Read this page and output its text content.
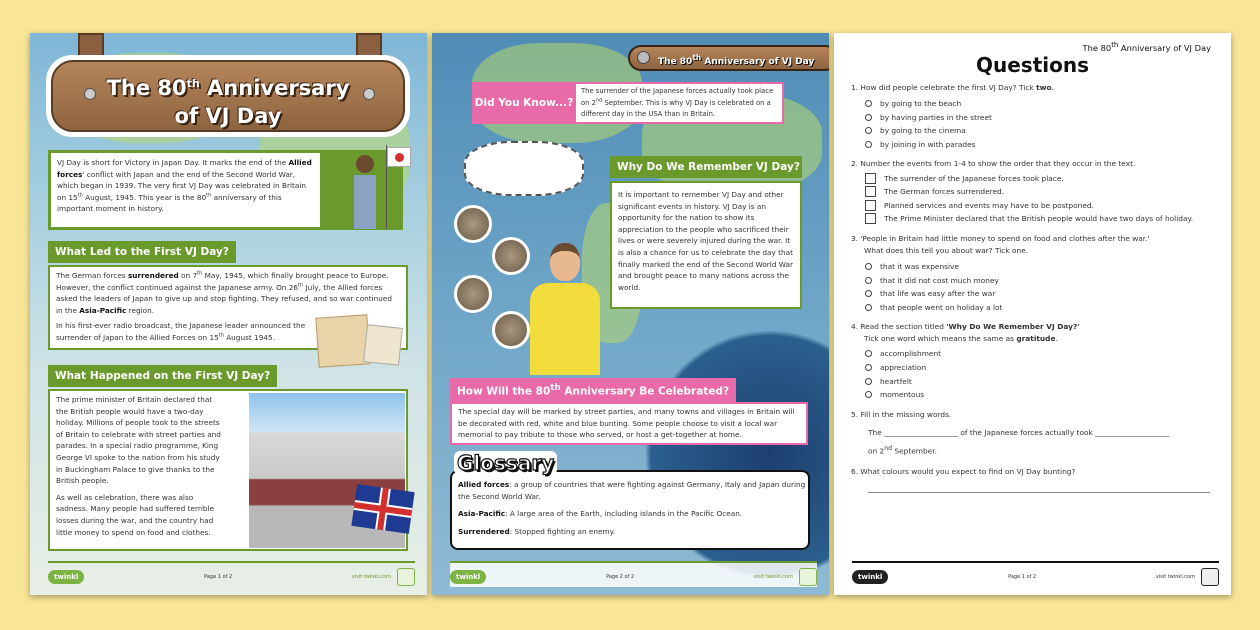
The 80th Anniversary
of VJ Day
VJ Day is short for Victory in Japan Day. It marks the end of the Allied forces' conflict with Japan and the end of the Second World War, which began in 1939. The very first VJ Day was celebrated in Britain on 15th August, 1945. This year is the 80th anniversary of this important moment in history.
What Led to the First VJ Day?
The German forces surrendered on 7th May, 1945, which finally brought peace to Europe. However, the conflict continued against the Japanese army. On 26th July, the Allied forces asked the leaders of Japan to give up and stop fighting. They refused, and so war continued in the Asia-Pacific region.
In his first-ever radio broadcast, the Japanese leader announced the surrender of Japan to the Allied Forces on 15th August 1945.
What Happened on the First VJ Day?
The prime minister of Britain declared that the British people would have a two-day holiday. Millions of people took to the streets of Britain to celebrate with street parties and parades. In a special radio programme, King George VI spoke to the nation from his study in Buckingham Palace to give thanks to the British people.
As well as celebration, there was also sadness. Many people had suffered terrible losses during the war, and the country had little money to spend on food and clothes.
twinkl	Page 1 of 2	visit twinkl.com
The 80th Anniversary of VJ Day
Did You Know...?
The surrender of the Japanese forces actually took place on 2nd September. This is why VJ Day is celebrated on a different day in the USA than in Britain.
Why Do We Remember VJ Day?
It is important to remember VJ Day and other significant events in history. VJ Day is an opportunity for the nation to show its appreciation to the people who sacrificed their lives or were severely injured during the war. It is also a chance for us to celebrate the day that finally marked the end of the Second World War and brought peace to many nations across the world.
How Will the 80th Anniversary Be Celebrated?
The special day will be marked by street parties, and many towns and villages in Britain will be decorated with red, white and blue bunting. Some people choose to visit a local war memorial to pay tribute to those who served, or host a get-together at home.
Glossary
Allied forces: a group of countries that were fighting against Germany, Italy and Japan during the Second World War.
Asia-Pacific: A large area of the Earth, including islands in the Pacific Ocean.
Surrendered: Stopped fighting an enemy.
twinkl	Page 2 of 2	visit twinkl.com
The 80th Anniversary of VJ Day
Questions
1. How did people celebrate the first VJ Day? Tick two.
by going to the beach
by having parties in the street
by going to the cinema
by joining in with parades
2. Number the events from 1-4 to show the order that they occur in the text.
The surrender of the Japanese forces took place.
The German forces surrendered.
Planned services and events may have to be postponed.
The Prime Minister declared that the British people would have two days of holiday.
3. 'People in Britain had little money to spend on food and clothes after the war.'
What does this tell you about war? Tick one.
that it was expensive
that it did not cost much money
that life was easy after the war
that people went on holiday a lot
4. Read the section titled 'Why Do We Remember VJ Day?'
Tick one word which means the same as gratitude.
accomplishment
appreciation
heartfelt
momentous
5. Fill in the missing words.
The ____________________ of the Japanese forces actually took ____________________
on 2nd September.
6. What colours would you expect to find on VJ Day bunting?
twinkl	Page 1 of 2	visit twinkl.com
